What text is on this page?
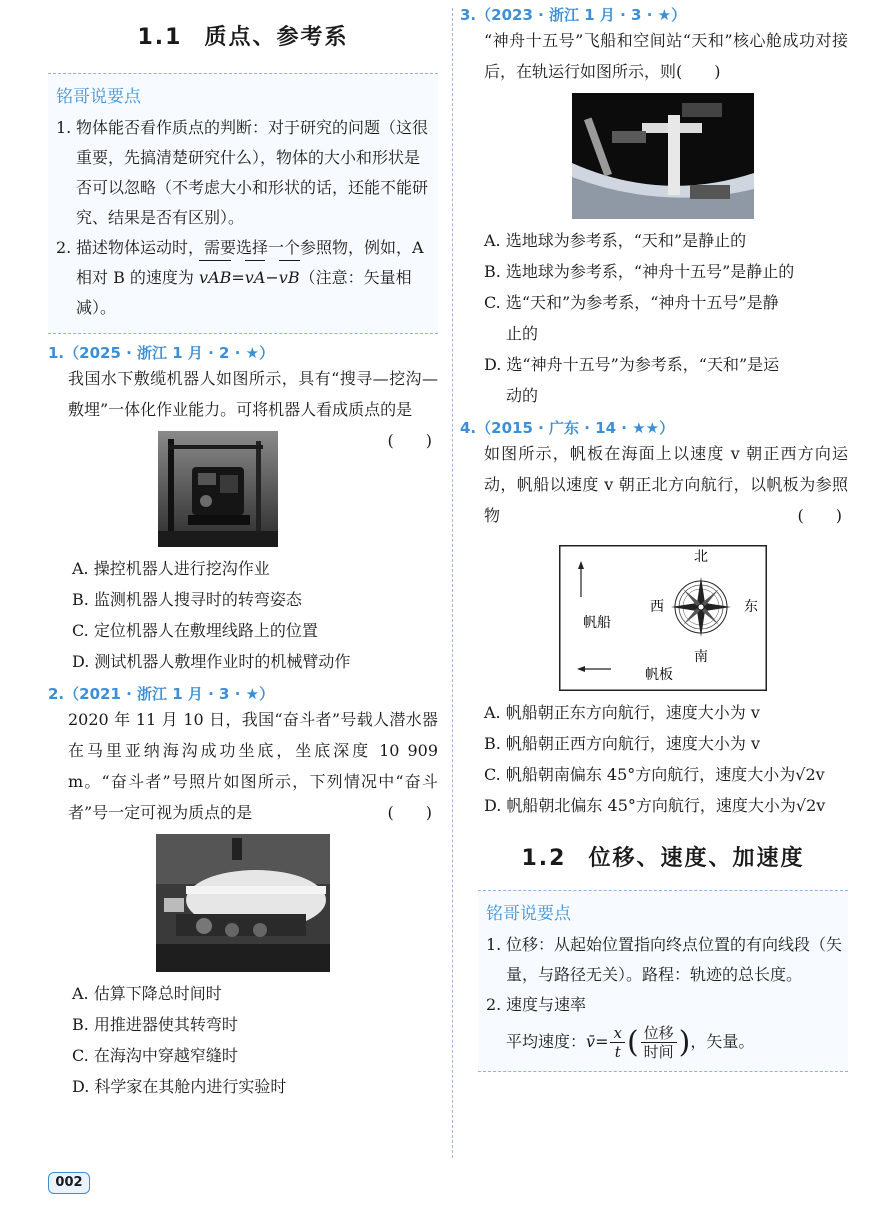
1.1 质点、参考系
铭哥说要点
1. 物体能否看作质点的判断：对于研究的问题（这很重要，先搞清楚研究什么），物体的大小和形状是否可以忽略（不考虑大小和形状的话，还能不能研究、结果是否有区别）。
2. 描述物体运动时，需要选择一个参照物，例如，A 相对 B 的速度为 vAB=vA−vB（注意：矢量相减）。
1.（2025 · 浙江 1 月 · 2 · ★）
我国水下敷缆机器人如图所示，具有“搜寻—挖沟—敷埋”一体化作业能力。可将机器人看成质点的是
(　　)
A. 操控机器人进行挖沟作业
B. 监测机器人搜寻时的转弯姿态
C. 定位机器人在敷埋线路上的位置
D. 测试机器人敷埋作业时的机械臂动作
2.（2021 · 浙江 1 月 · 3 · ★）
2020 年 11 月 10 日，我国“奋斗者”号载人潜水器在马里亚纳海沟成功坐底，坐底深度 10 909 m。“奋斗者”号照片如图所示，下列情况中“奋斗者”号一定可视为质点的是	(　　)
A. 估算下降总时间时
B. 用推进器使其转弯时
C. 在海沟中穿越窄缝时
D. 科学家在其舱内进行实验时
002
3.（2023 · 浙江 1 月 · 3 · ★）
“神舟十五号”飞船和空间站“天和”核心舱成功对接后，在轨运行如图所示，则(　　)
A. 选地球为参考系，“天和”是静止的
B. 选地球为参考系，“神舟十五号”是静止的
C. 选“天和”为参考系，“神舟十五号”是静
止的
D. 选“神舟十五号”为参考系，“天和”是运
动的
4.（2015 · 广东 · 14 · ★★）
如图所示，帆板在海面上以速度 v 朝正西方向运动，帆船以速度 v 朝正北方向航行，以帆板为参照物	(　　)
北
南
西	东
帆船
帆板
A. 帆船朝正东方向航行，速度大小为 v
B. 帆船朝正西方向航行，速度大小为 v
C. 帆船朝南偏东 45°方向航行，速度大小为√2v
D. 帆船朝北偏东 45°方向航行，速度大小为√2v
1.2 位移、速度、加速度
铭哥说要点
1. 位移：从起始位置指向终点位置的有向线段（矢量，与路径无关）。路程：轨迹的总长度。
2. 速度与速率
平均速度：v̄= $\frac{x}{t}$ ( $\frac{\text{位移}}{\text{时间}}$ )，矢量。
